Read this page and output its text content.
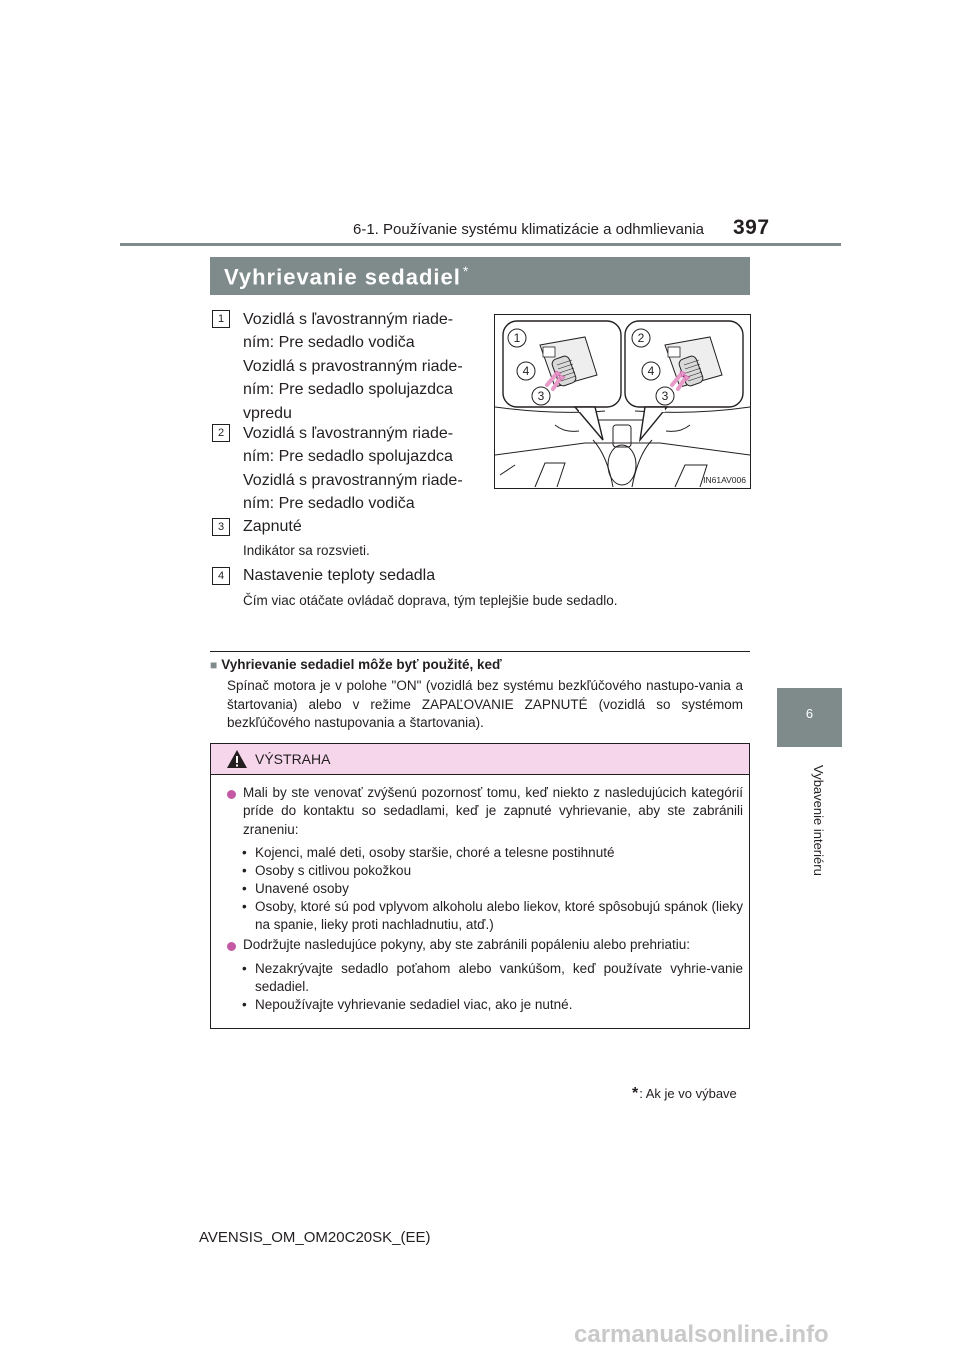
6-1. Používanie systému klimatizácie a odhmlievania 397
6
Vybavenie interiéru
Vyhrievanie sedadiel *
1	Vozidlá s ľavostranným riade-
ním: Pre sedadlo vodiča
Vozidlá s pravostranným riade-
ním: Pre sedadlo spolujazdca
vpredu
2	Vozidlá s ľavostranným riade-
ním: Pre sedadlo spolujazdca
Vozidlá s pravostranným riade-
ním: Pre sedadlo vodiča
3	Zapnuté
Indikátor sa rozsvieti.
4	Nastavenie teploty sedadla
Čím viac otáčate ovládač doprava, tým teplejšie bude sedadlo.
1	2
3
4
3
4
IN61AV006
■ Vyhrievanie sedadiel môže byť použité, keď
Spínač motora je v polohe "ON" (vozidlá bez systému bezkľúčového nastupo-vania a štartovania) alebo v režime ZAPAĽOVANIE ZAPNUTÉ (vozidlá so systémom bezkľúčového nastupovania a štartovania).
VÝSTRAHA
Mali by ste venovať zvýšenú pozornosť tomu, keď niekto z nasledujúcich kategórií príde do kontaktu so sedadlami, keď je zapnuté vyhrievanie, aby ste zabránili zraneniu:
• Kojenci, malé deti, osoby staršie, choré a telesne postihnuté
• Osoby s citlivou pokožkou
• Unavené osoby
• Osoby, ktoré sú pod vplyvom alkoholu alebo liekov, ktoré spôsobujú spánok (lieky na spanie, lieky proti nachladnutiu, atď.)
Dodržujte nasledujúce pokyny, aby ste zabránili popáleniu alebo prehriatiu:
• Nezakrývajte sedadlo poťahom alebo vankúšom, keď používate vyhrie-vanie sedadiel.
• Nepoužívajte vyhrievanie sedadiel viac, ako je nutné.
*: Ak je vo výbave
AVENSIS_OM_OM20C20SK_(EE)
carmanualsonline.info
